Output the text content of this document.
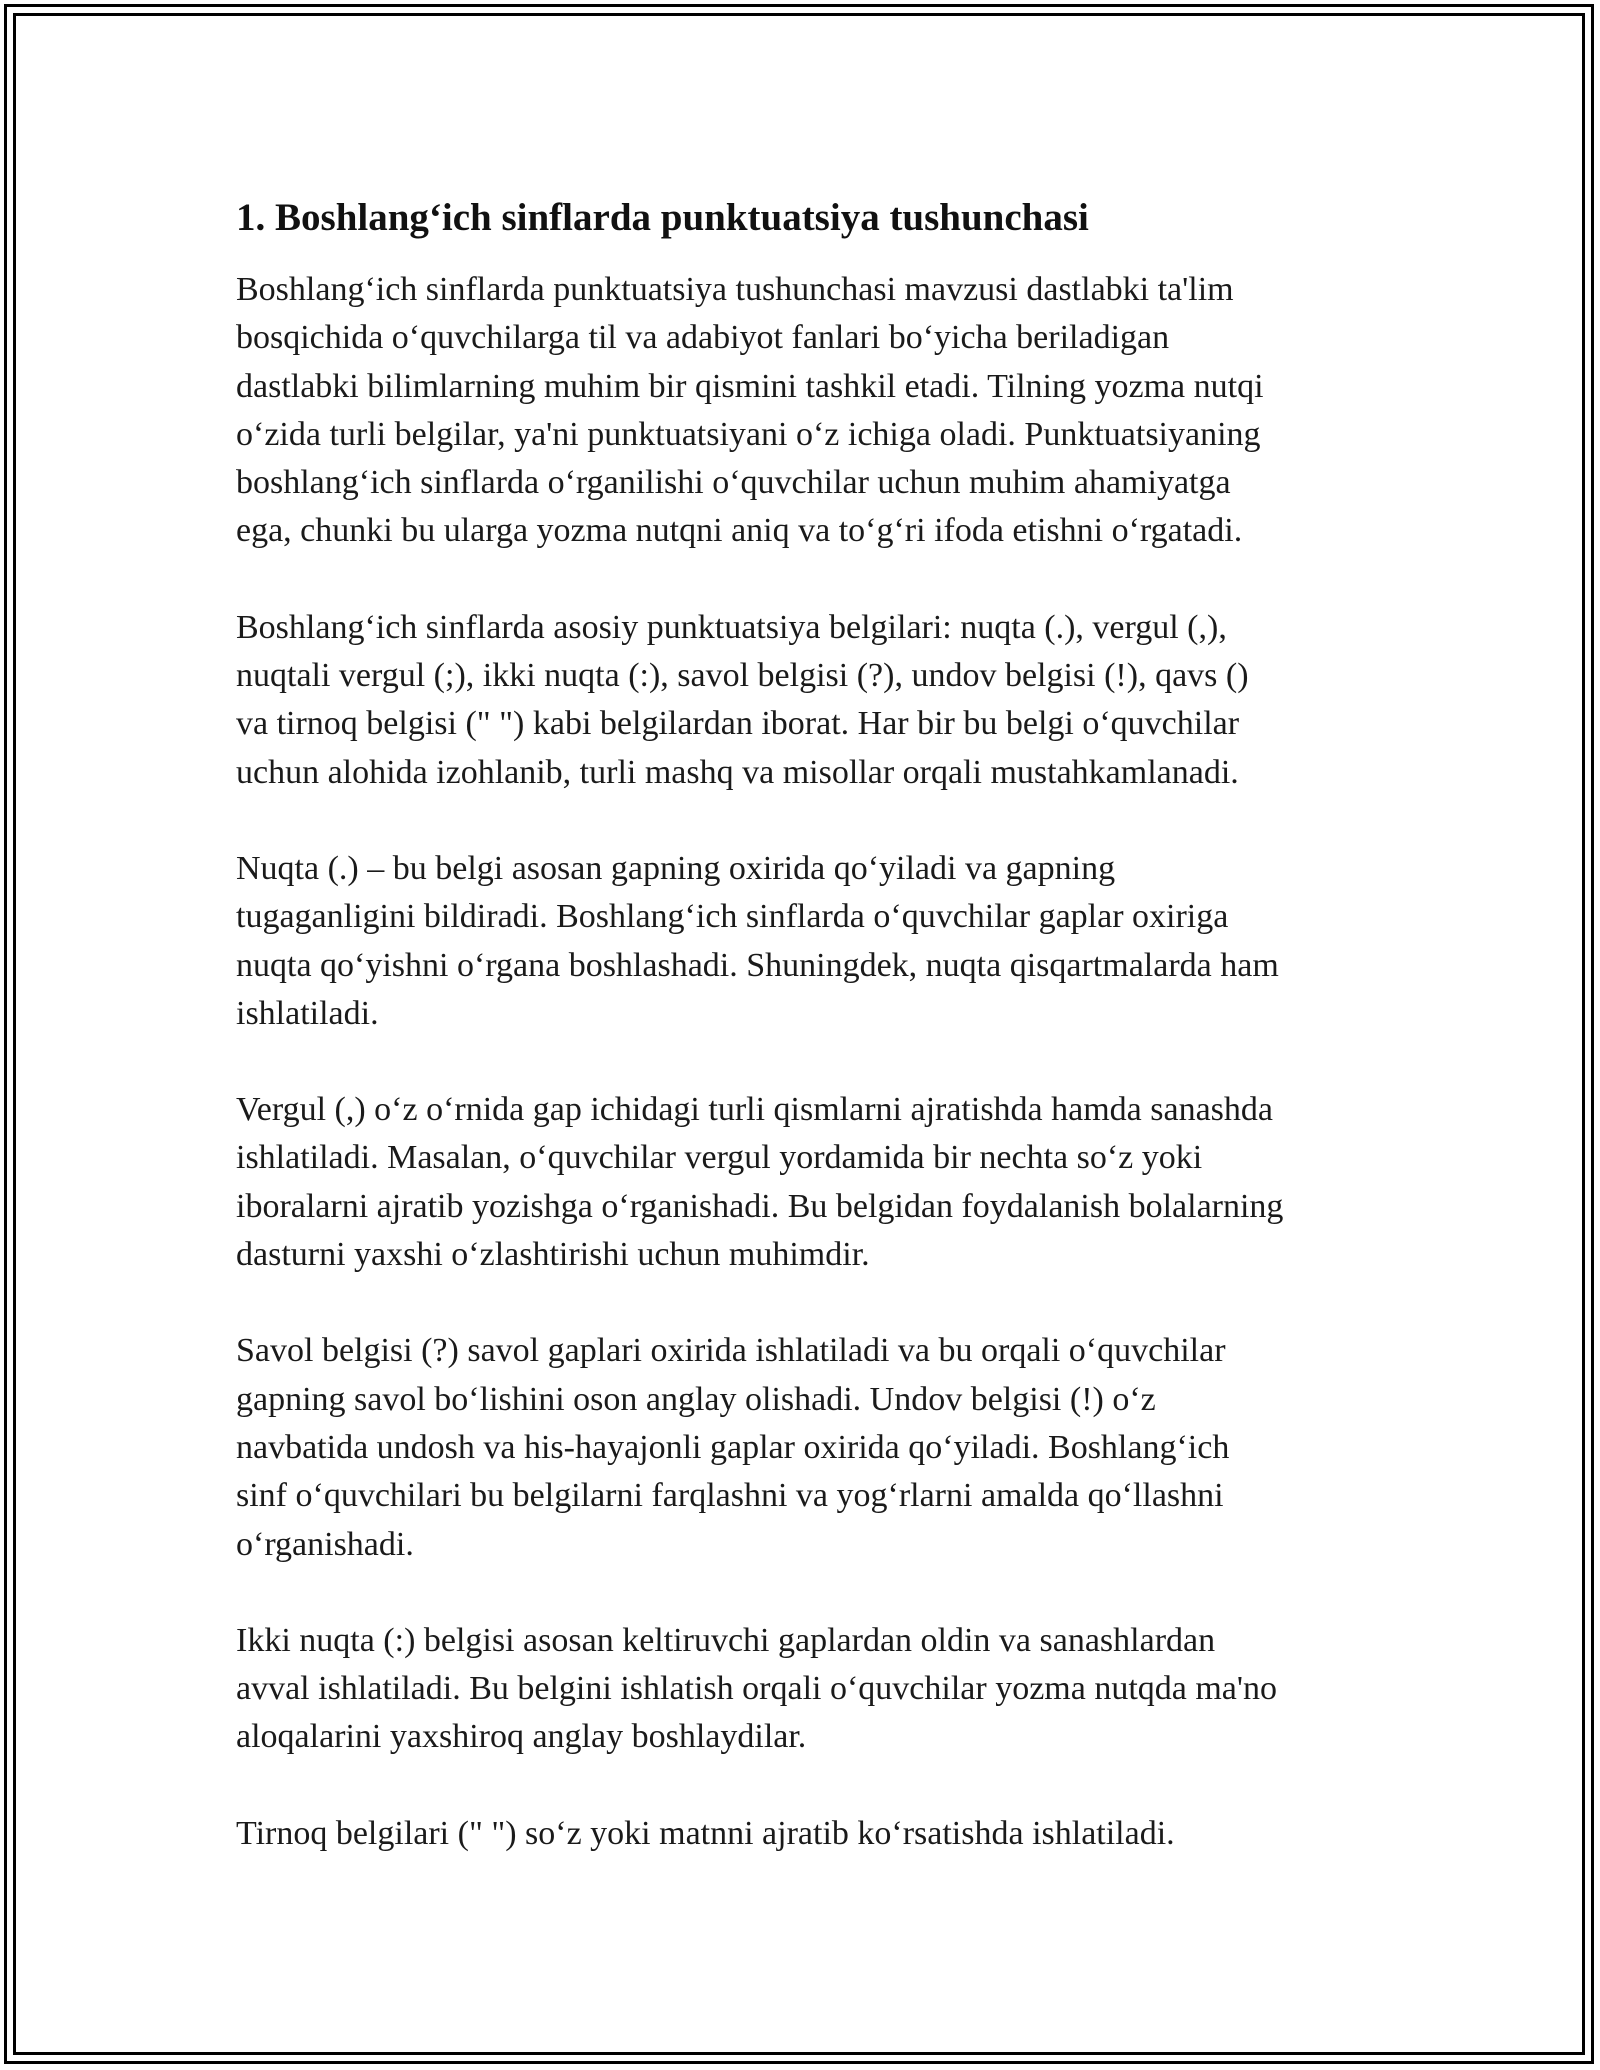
1. Boshlang‘ich sinflarda punktuatsiya tushunchasi

Boshlang‘ich sinflarda punktuatsiya tushunchasi mavzusi dastlabki ta'lim
bosqichida o‘quvchilarga til va adabiyot fanlari bo‘yicha beriladigan
dastlabki bilimlarning muhim bir qismini tashkil etadi. Tilning yozma nutqi
o‘zida turli belgilar, ya'ni punktuatsiyani o‘z ichiga oladi. Punktuatsiyaning
boshlang‘ich sinflarda o‘rganilishi o‘quvchilar uchun muhim ahamiyatga
ega, chunki bu ularga yozma nutqni aniq va to‘g‘ri ifoda etishni o‘rgatadi.

Boshlang‘ich sinflarda asosiy punktuatsiya belgilari: nuqta (.), vergul (,),
nuqtali vergul (;), ikki nuqta (:), savol belgisi (?), undov belgisi (!), qavs ()
va tirnoq belgisi (" ") kabi belgilardan iborat. Har bir bu belgi o‘quvchilar
uchun alohida izohlanib, turli mashq va misollar orqali mustahkamlanadi.

Nuqta (.) – bu belgi asosan gapning oxirida qo‘yiladi va gapning
tugaganligini bildiradi. Boshlang‘ich sinflarda o‘quvchilar gaplar oxiriga
nuqta qo‘yishni o‘rgana boshlashadi. Shuningdek, nuqta qisqartmalarda ham
ishlatiladi.

Vergul (,) o‘z o‘rnida gap ichidagi turli qismlarni ajratishda hamda sanashda
ishlatiladi. Masalan, o‘quvchilar vergul yordamida bir nechta so‘z yoki
iboralarni ajratib yozishga o‘rganishadi. Bu belgidan foydalanish bolalarning
dasturni yaxshi o‘zlashtirishi uchun muhimdir.

Savol belgisi (?) savol gaplari oxirida ishlatiladi va bu orqali o‘quvchilar
gapning savol bo‘lishini oson anglay olishadi. Undov belgisi (!) o‘z
navbatida undosh va his-hayajonli gaplar oxirida qo‘yiladi. Boshlang‘ich
sinf o‘quvchilari bu belgilarni farqlashni va yog‘rlarni amalda qo‘llashni
o‘rganishadi.

Ikki nuqta (:) belgisi asosan keltiruvchi gaplardan oldin va sanashlardan
avval ishlatiladi. Bu belgini ishlatish orqali o‘quvchilar yozma nutqda ma'no
aloqalarini yaxshiroq anglay boshlaydilar.

Tirnoq belgilari (" ") so‘z yoki matnni ajratib ko‘rsatishda ishlatiladi.
